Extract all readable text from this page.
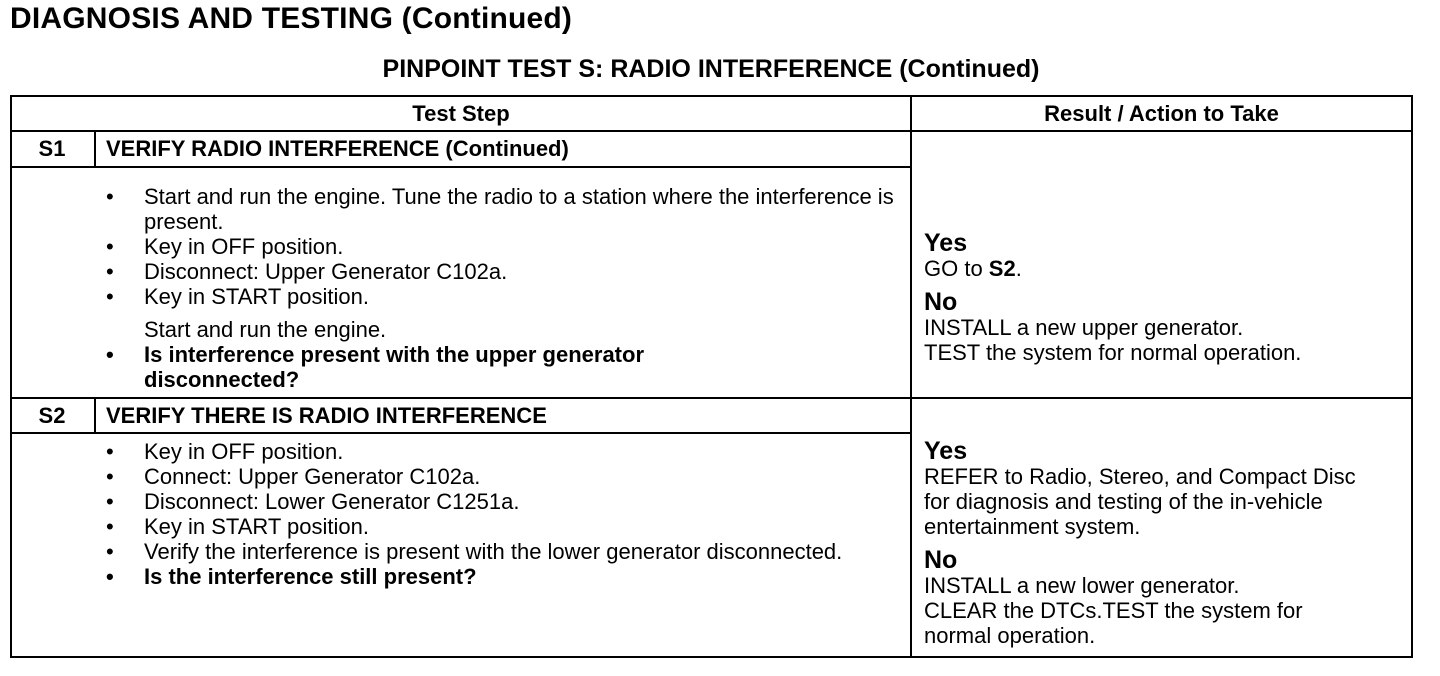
DIAGNOSIS AND TESTING (Continued)
PINPOINT TEST S: RADIO INTERFERENCE (Continued)
Test Step	Result / Action to Take
S1	VERIFY RADIO INTERFERENCE (Continued)
• Start and run the engine. Tune the radio to a station where the interference is present.
• Key in OFF position.
• Disconnect: Upper Generator C102a.
• Key in START position.
Start and run the engine.
• Is interference present with the upper generator disconnected?
Yes
GO to S2.
No
INSTALL a new upper generator.
TEST the system for normal operation.
S2	VERIFY THERE IS RADIO INTERFERENCE
• Key in OFF position.
• Connect: Upper Generator C102a.
• Disconnect: Lower Generator C1251a.
• Key in START position.
• Verify the interference is present with the lower generator disconnected.
• Is the interference still present?
Yes
REFER to Radio, Stereo, and Compact Disc for diagnosis and testing of the in-vehicle entertainment system.
No
INSTALL a new lower generator.
CLEAR the DTCs.TEST the system for normal operation.
